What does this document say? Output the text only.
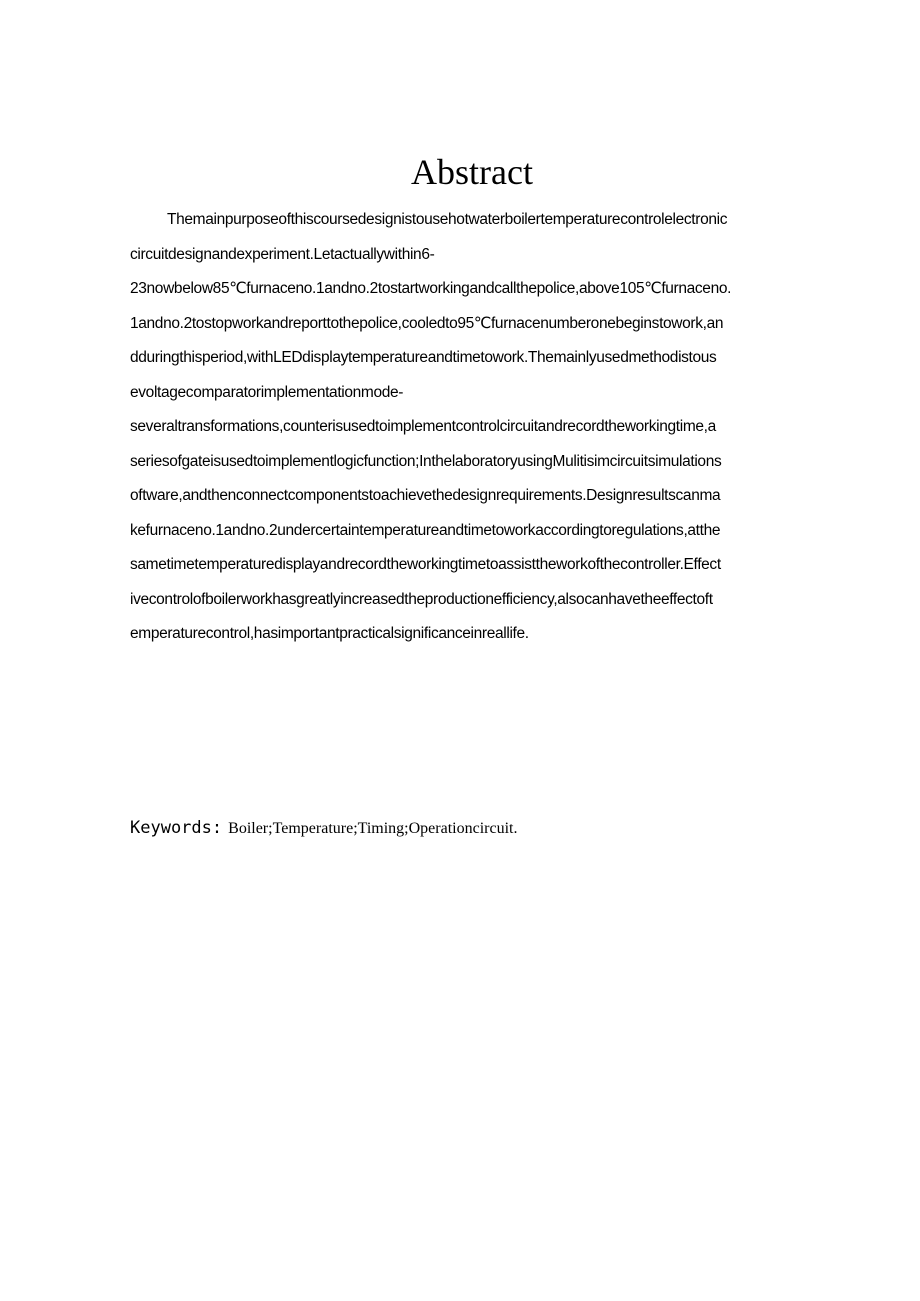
Abstract
Themainpurposeofthiscoursedesignistousehotwaterboilertemperaturecontrolelectronic
circuitdesignandexperiment.Letactuallywithin6-
23nowbelow85℃furnaceno.1andno.2tostartworkingandcallthepolice,above105℃furnaceno.
1andno.2tostopworkandreporttothepolice,cooledto95℃furnacenumberonebeginstowork,an
dduringthisperiod,withLEDdisplaytemperatureandtimetowork.Themainlyusedmethodistous
evoltagecomparatorimplementationmode-
severaltransformations,counterisusedtoimplementcontrolcircuitandrecordtheworkingtime,a
seriesofgateisusedtoimplementlogicfunction;InthelaboratoryusingMulitisimcircuitsimulations
oftware,andthenconnectcomponentstoachievethedesignrequirements.Designresultscanma
kefurnaceno.1andno.2undercertaintemperatureandtimetoworkaccordingtoregulations,atthe
sametimetemperaturedisplayandrecordtheworkingtimetoassisttheworkofthecontroller.Effect
ivecontrolofboilerworkhasgreatlyincreasedtheproductionefficiency,alsocanhavetheeffectoft
emperaturecontrol,hasimportantpracticalsignificanceinreallife.
Keywords: Boiler;Temperature;Timing;Operationcircuit.
